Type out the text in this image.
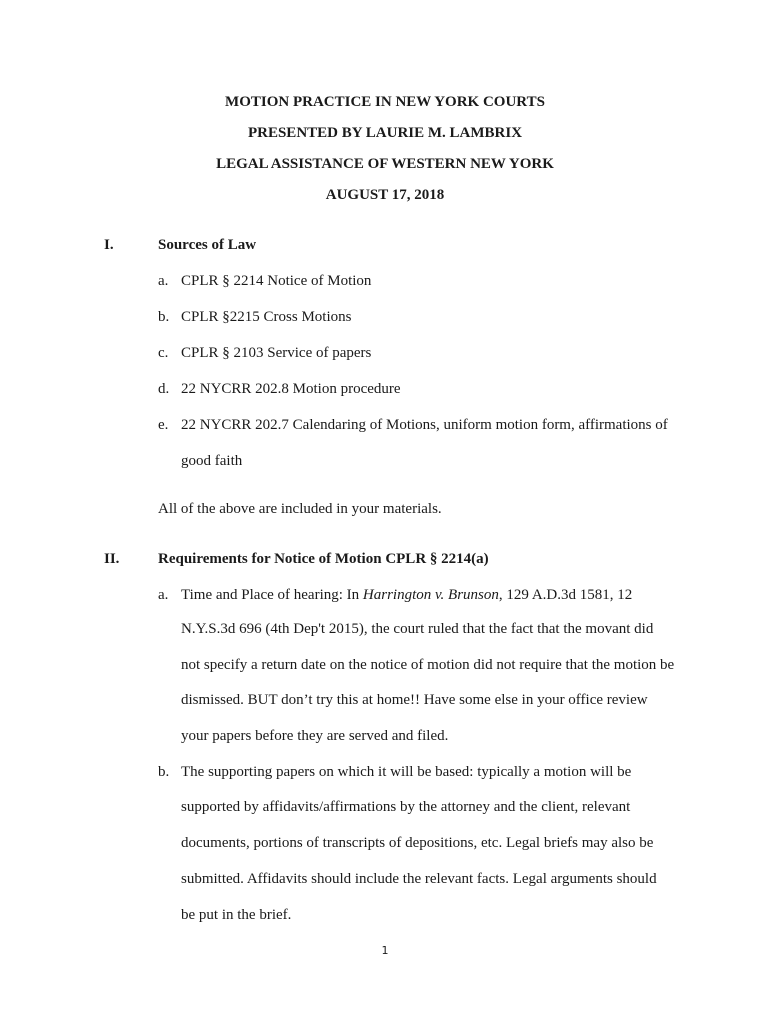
MOTION PRACTICE IN NEW YORK COURTS
PRESENTED BY LAURIE M. LAMBRIX
LEGAL ASSISTANCE OF WESTERN NEW YORK
AUGUST 17, 2018
I.	Sources of Law
a. CPLR § 2214 Notice of Motion
b. CPLR §2215 Cross Motions
c. CPLR § 2103 Service of papers
d. 22 NYCRR 202.8 Motion procedure
e. 22 NYCRR 202.7 Calendaring of Motions, uniform motion form, affirmations of
good faith
All of the above are included in your materials.
II.	Requirements for Notice of Motion CPLR § 2214(a)
a. Time and Place of hearing: In Harrington v. Brunson, 129 A.D.3d 1581, 12
N.Y.S.3d 696 (4th Dep't 2015), the court ruled that the fact that the movant did
not specify a return date on the notice of motion did not require that the motion be
dismissed. BUT don’t try this at home!! Have some else in your office review
your papers before they are served and filed.
b. The supporting papers on which it will be based: typically a motion will be
supported by affidavits/affirmations by the attorney and the client, relevant
documents, portions of transcripts of depositions, etc. Legal briefs may also be
submitted. Affidavits should include the relevant facts. Legal arguments should
be put in the brief.
1
